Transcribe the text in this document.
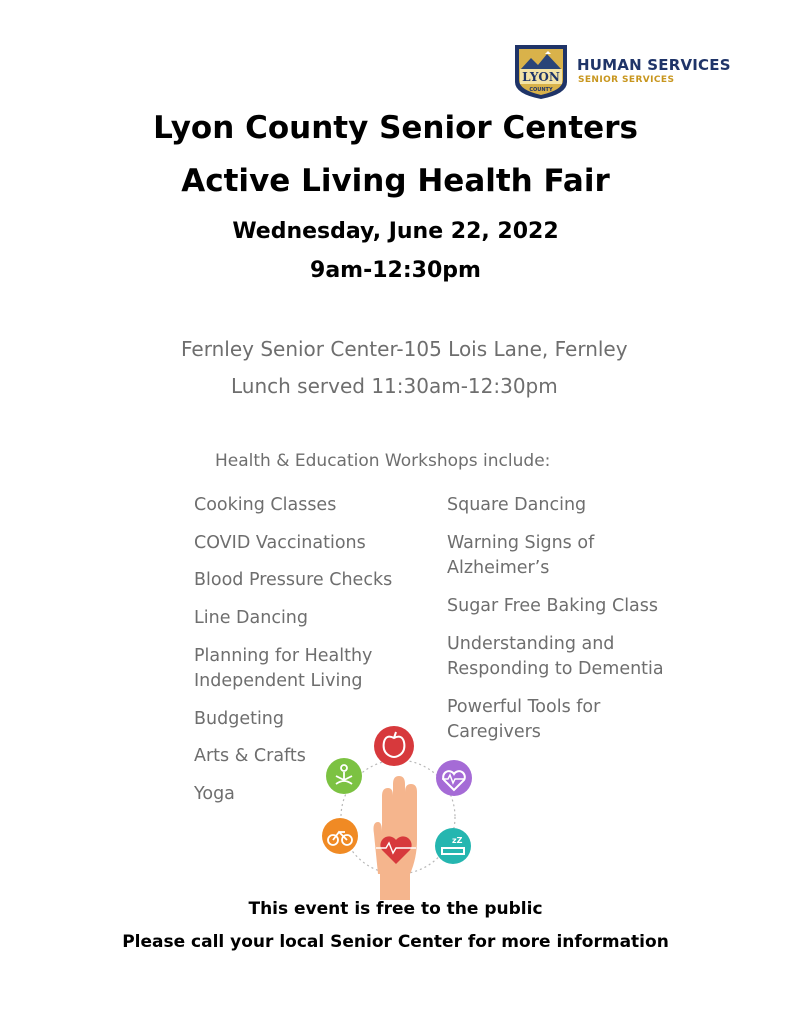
LYON
COUNTY
HUMAN SERVICES
SENIOR SERVICES
Lyon County Senior Centers
Active Living Health Fair
Wednesday, June 22, 2022
9am-12:30pm
Fernley Senior Center-105 Lois Lane, Fernley
Lunch served 11:30am-12:30pm
Health & Education Workshops include:
Cooking Classes
COVID Vaccinations
Blood Pressure Checks
Line Dancing
Planning for Healthy
Independent Living
Budgeting
Arts & Crafts
Yoga
Square Dancing
Warning Signs of
Alzheimer’s
Sugar Free Baking Class
Understanding and
Responding to Dementia
Powerful Tools for
Caregivers
zZ
This event is free to the public
Please call your local Senior Center for more information
